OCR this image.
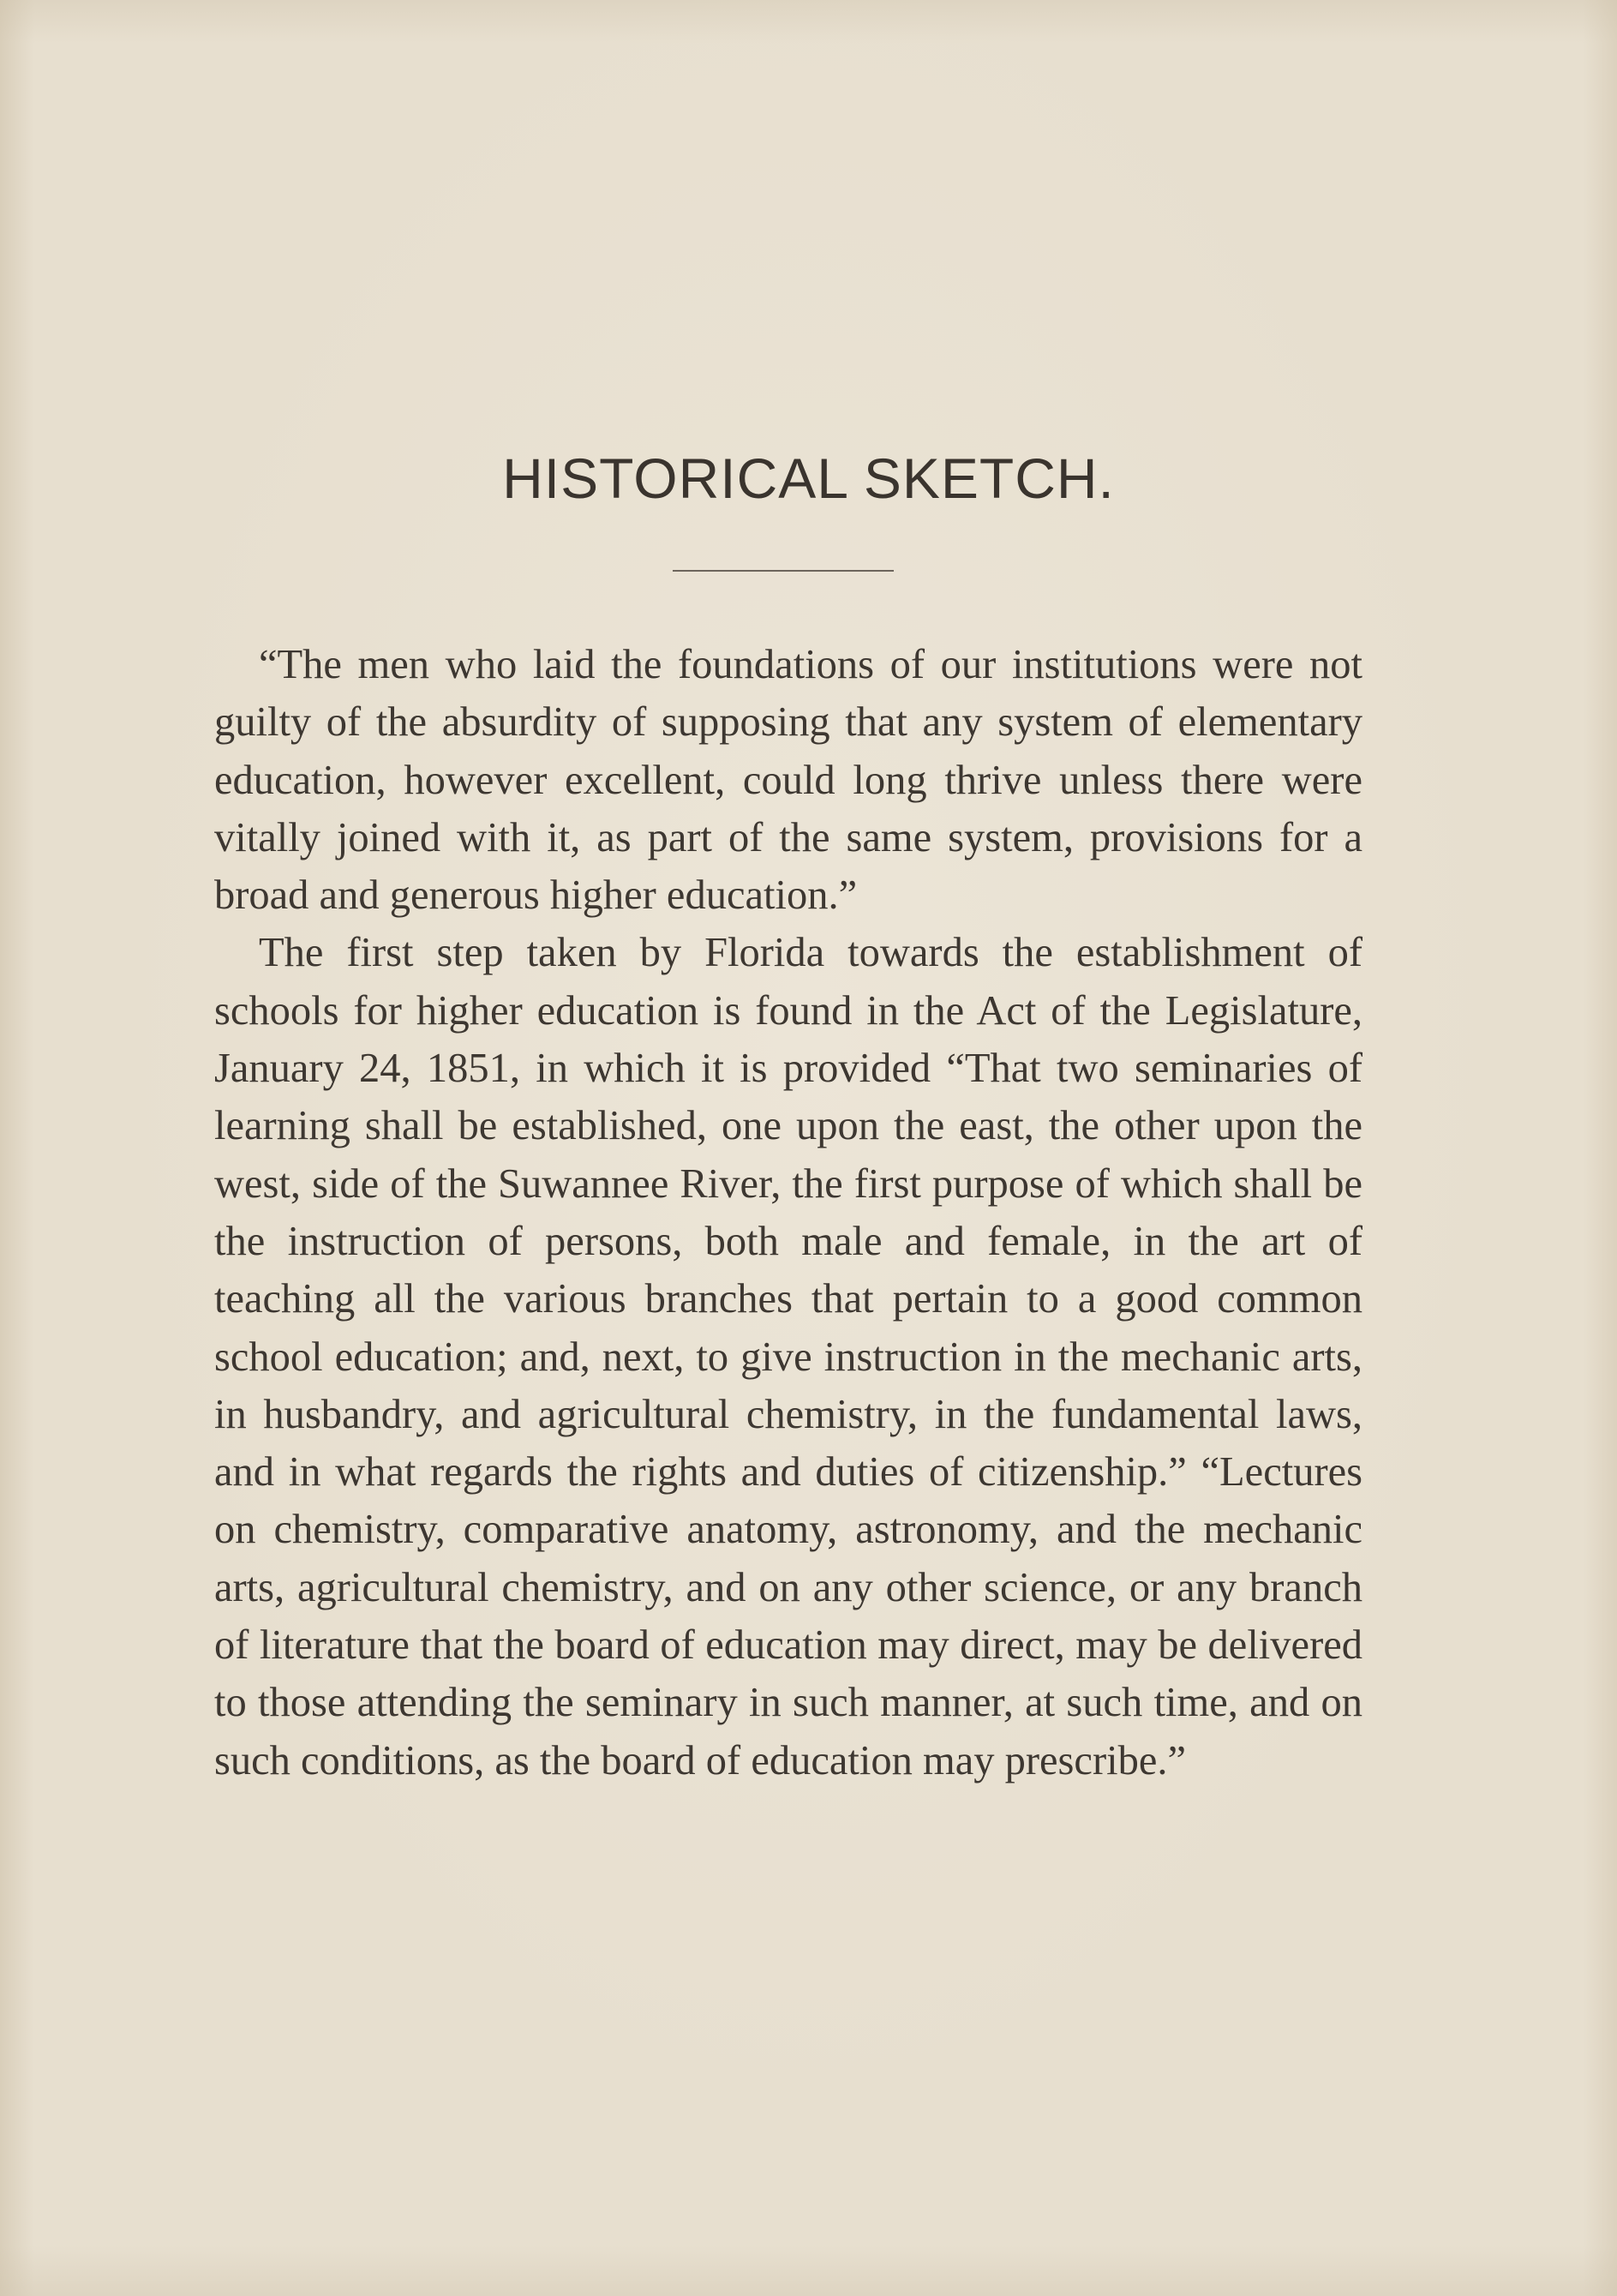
HISTORICAL SKETCH.

“The men who laid the foundations of our institutions were not guilty of the absurdity of supposing that any system of elementary education, however excellent, could long thrive unless there were vitally joined with it, as part of the same system, provisions for a broad and generous higher education.”

The first step taken by Florida towards the establishment of schools for higher education is found in the Act of the Legislature, January 24, 1851, in which it is provided “That two seminaries of learning shall be established, one upon the east, the other upon the west, side of the Suwannee River, the first purpose of which shall be the instruction of persons, both male and female, in the art of teaching all the various branches that pertain to a good common school education; and, next, to give instruction in the mechanic arts, in husbandry, and agricultural chemistry, in the fundamental laws, and in what regards the rights and duties of citizenship.” “Lectures on chemistry, comparative anatomy, astronomy, and the mechanic arts, agricultural chemistry, and on any other science, or any branch of literature that the board of education may direct, may be delivered to those attending the seminary in such manner, at such time, and on such conditions, as the board of education may prescribe.”
